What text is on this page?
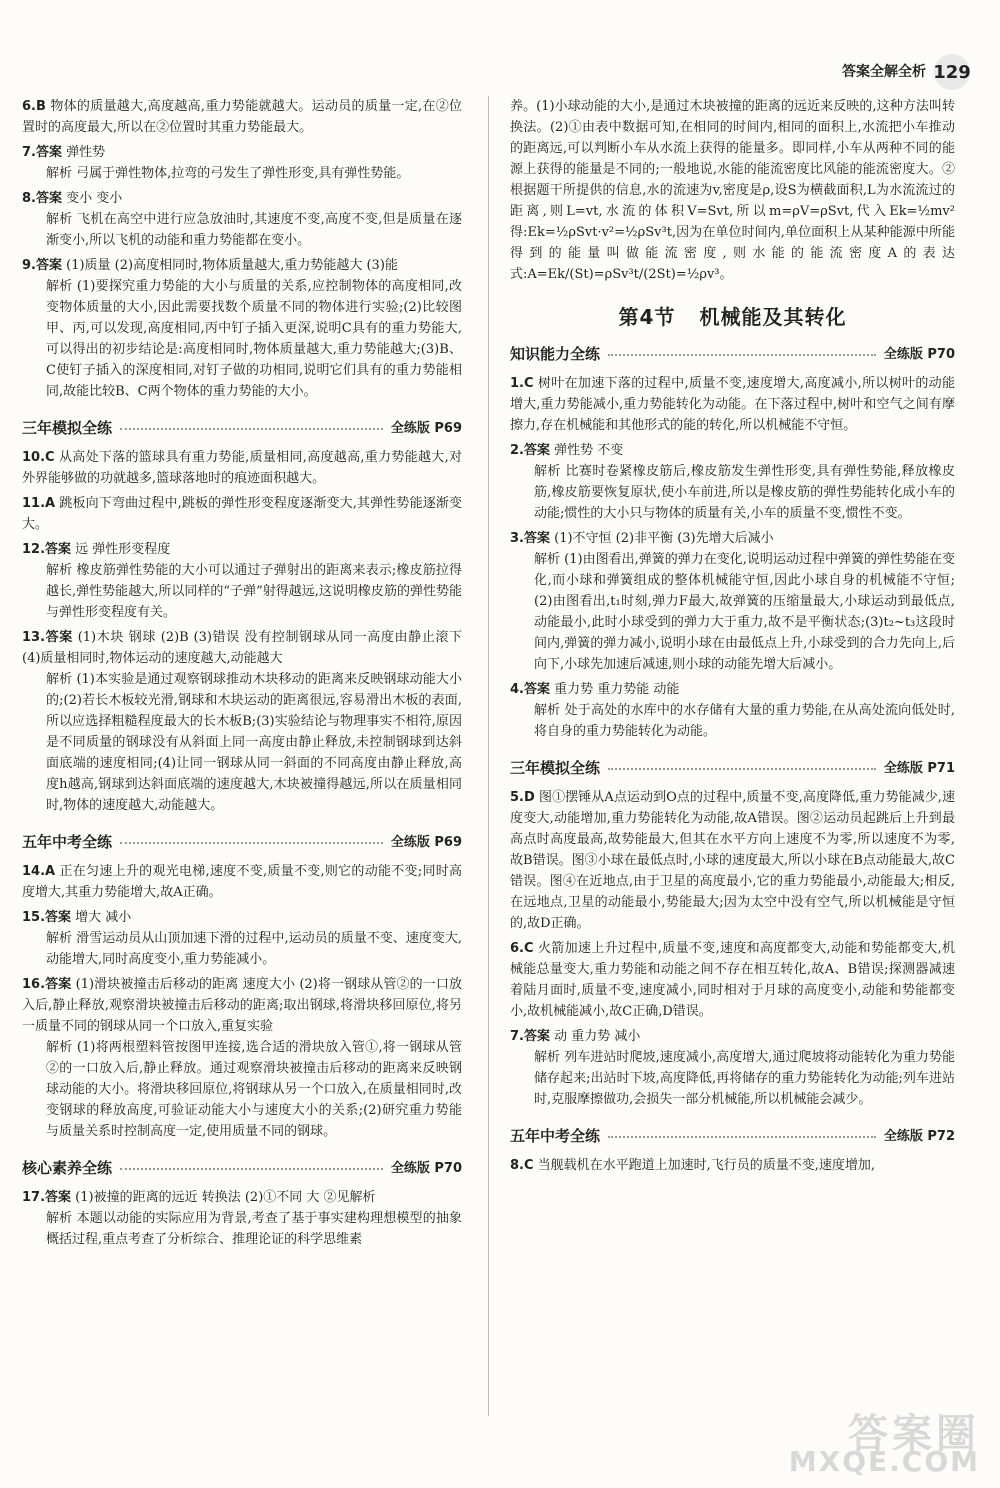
答案全解全析 129
6.B 物体的质量越大,高度越高,重力势能就越大。运动员的质量一定,在②位置时的高度最大,所以在②位置时其重力势能最大。
7.答案 弹性势
解析 弓属于弹性物体,拉弯的弓发生了弹性形变,具有弹性势能。
8.答案 变小 变小
解析 飞机在高空中进行应急放油时,其速度不变,高度不变,但是质量在逐渐变小,所以飞机的动能和重力势能都在变小。
9.答案 (1)质量 (2)高度相同时,物体质量越大,重力势能越大 (3)能
解析 (1)要探究重力势能的大小与质量的关系,应控制物体的高度相同,改变物体质量的大小,因此需要找数个质量不同的物体进行实验;(2)比较图甲、丙,可以发现,高度相同,丙中钉子插入更深,说明C具有的重力势能大,可以得出的初步结论是:高度相同时,物体质量越大,重力势能越大;(3)B、C使钉子插入的深度相同,对钉子做的功相同,说明它们具有的重力势能相同,故能比较B、C两个物体的重力势能的大小。
三年模拟全练	全练版 P69
10.C 从高处下落的篮球具有重力势能,质量相同,高度越高,重力势能越大,对外界能够做的功就越多,篮球落地时的痕迹面积越大。
11.A 跳板向下弯曲过程中,跳板的弹性形变程度逐渐变大,其弹性势能逐渐变大。
12.答案 远 弹性形变程度
解析 橡皮筋弹性势能的大小可以通过子弹射出的距离来表示;橡皮筋拉得越长,弹性势能越大,所以同样的“子弹”射得越远,这说明橡皮筋的弹性势能与弹性形变程度有关。
13.答案 (1)木块 钢球 (2)B (3)错误 没有控制钢球从同一高度由静止滚下 (4)质量相同时,物体运动的速度越大,动能越大
解析 (1)本实验是通过观察钢球推动木块移动的距离来反映钢球动能大小的;(2)若长木板较光滑,钢球和木块运动的距离很远,容易滑出木板的表面,所以应选择粗糙程度最大的长木板B;(3)实验结论与物理事实不相符,原因是不同质量的钢球没有从斜面上同一高度由静止释放,未控制钢球到达斜面底端的速度相同;(4)让同一钢球从同一斜面的不同高度由静止释放,高度h越高,钢球到达斜面底端的速度越大,木块被撞得越远,所以在质量相同时,物体的速度越大,动能越大。
五年中考全练	全练版 P69
14.A 正在匀速上升的观光电梯,速度不变,质量不变,则它的动能不变;同时高度增大,其重力势能增大,故A正确。
15.答案 增大 减小
解析 滑雪运动员从山顶加速下滑的过程中,运动员的质量不变、速度变大,动能增大,同时高度变小,重力势能减小。
16.答案 (1)滑块被撞击后移动的距离 速度大小 (2)将一钢球从管②的一口放入后,静止释放,观察滑块被撞击后移动的距离;取出钢球,将滑块移回原位,将另一质量不同的钢球从同一个口放入,重复实验
解析 (1)将两根塑料管按图甲连接,选合适的滑块放入管①,将一钢球从管②的一口放入后,静止释放。通过观察滑块被撞击后移动的距离来反映钢球动能的大小。将滑块移回原位,将钢球从另一个口放入,在质量相同时,改变钢球的释放高度,可验证动能大小与速度大小的关系;(2)研究重力势能与质量关系时控制高度一定,使用质量不同的钢球。
核心素养全练	全练版 P70
17.答案 (1)被撞的距离的远近 转换法 (2)①不同 大 ②见解析
解析 本题以动能的实际应用为背景,考查了基于事实建构理想模型的抽象概括过程,重点考查了分析综合、推理论证的科学思维素
养。(1)小球动能的大小,是通过木块被撞的距离的远近来反映的,这种方法叫转换法。(2)①由表中数据可知,在相同的时间内,相同的面积上,水流把小车推动的距离远,可以判断小车从水流上获得的能量多。即同样,小车从两种不同的能源上获得的能量是不同的;一般地说,水能的能流密度比风能的能流密度大。②根据题干所提供的信息,水的流速为v,密度是ρ,设S为横截面积,L为水流流过的距离,则L=vt,水流的体积V=Svt,所以m=ρV=ρSvt,代入Ek=½mv²得:Ek=½ρSvt·v²=½ρSv³t,因为在单位时间内,单位面积上从某种能源中所能得到的能量叫做能流密度,则水能的能流密度A的表达式:A=Ek/(St)=ρSv³t/(2St)=½ρv³。
第4节 机械能及其转化
知识能力全练	全练版 P70
1.C 树叶在加速下落的过程中,质量不变,速度增大,高度减小,所以树叶的动能增大,重力势能减小,重力势能转化为动能。在下落过程中,树叶和空气之间有摩擦力,存在机械能和其他形式的能的转化,所以机械能不守恒。
2.答案 弹性势 不变
解析 比赛时卷紧橡皮筋后,橡皮筋发生弹性形变,具有弹性势能,释放橡皮筋,橡皮筋要恢复原状,使小车前进,所以是橡皮筋的弹性势能转化成小车的动能;惯性的大小只与物体的质量有关,小车的质量不变,惯性不变。
3.答案 (1)不守恒 (2)非平衡 (3)先增大后减小
解析 (1)由图看出,弹簧的弹力在变化,说明运动过程中弹簧的弹性势能在变化,而小球和弹簧组成的整体机械能守恒,因此小球自身的机械能不守恒;(2)由图看出,t₁时刻,弹力F最大,故弹簧的压缩量最大,小球运动到最低点,动能最小,此时小球受到的弹力大于重力,故不是平衡状态;(3)t₂~t₃这段时间内,弹簧的弹力减小,说明小球在由最低点上升,小球受到的合力先向上,后向下,小球先加速后减速,则小球的动能先增大后减小。
4.答案 重力势 重力势能 动能
解析 处于高处的水库中的水存储有大量的重力势能,在从高处流向低处时,将自身的重力势能转化为动能。
三年模拟全练	全练版 P71
5.D 图①摆锤从A点运动到O点的过程中,质量不变,高度降低,重力势能减少,速度变大,动能增加,重力势能转化为动能,故A错误。图②运动员起跳后上升到最高点时高度最高,故势能最大,但其在水平方向上速度不为零,所以速度不为零,故B错误。图③小球在最低点时,小球的速度最大,所以小球在B点动能最大,故C错误。图④在近地点,由于卫星的高度最小,它的重力势能最小,动能最大;相反,在远地点,卫星的动能最小,势能最大;因为太空中没有空气,所以机械能是守恒的,故D正确。
6.C 火箭加速上升过程中,质量不变,速度和高度都变大,动能和势能都变大,机械能总量变大,重力势能和动能之间不存在相互转化,故A、B错误;探测器减速着陆月面时,质量不变,速度减小,同时相对于月球的高度变小,动能和势能都变小,故机械能减小,故C正确,D错误。
7.答案 动 重力势 减小
解析 列车进站时爬坡,速度减小,高度增大,通过爬坡将动能转化为重力势能储存起来;出站时下坡,高度降低,再将储存的重力势能转化为动能;列车进站时,克服摩擦做功,会损失一部分机械能,所以机械能会减少。
五年中考全练	全练版 P72
8.C 当舰载机在水平跑道上加速时,飞行员的质量不变,速度增加,
答案圈
MXQE.COM
